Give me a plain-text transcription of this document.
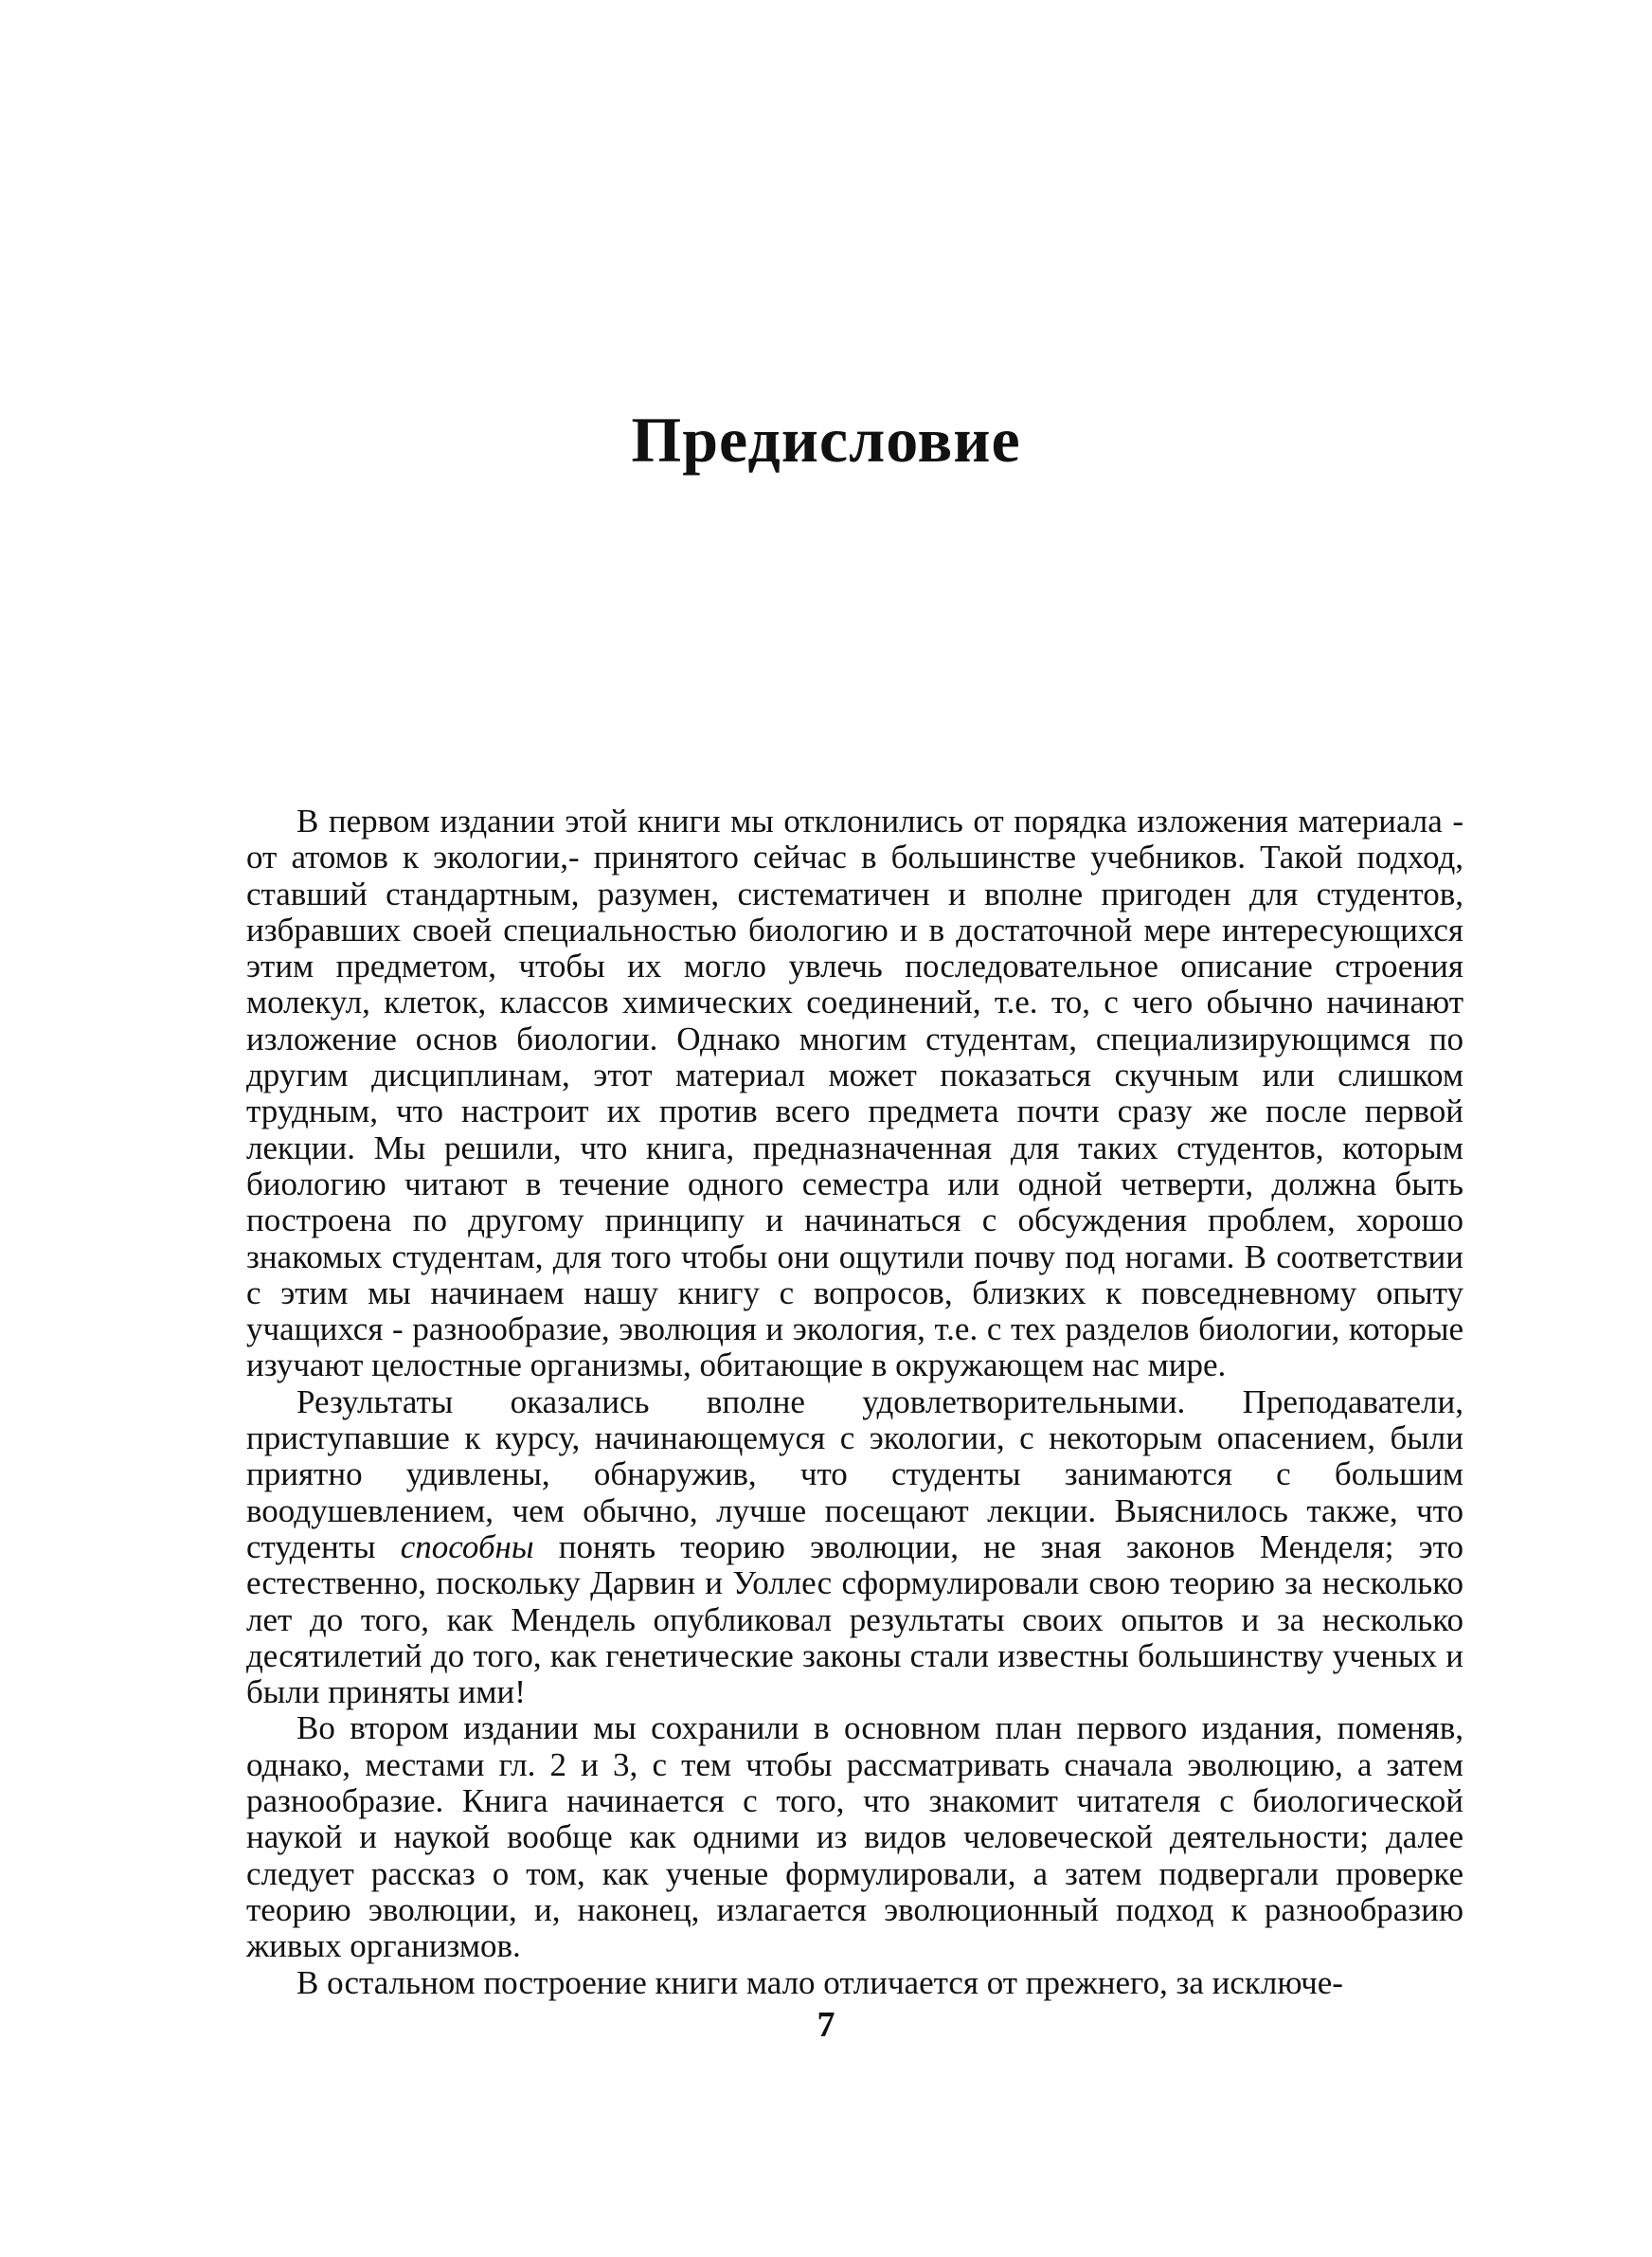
Предисловие

В первом издании этой книги мы отклонились от порядка изложения материала - от атомов к экологии,- принятого сейчас в большинстве учебников. Такой подход, ставший стандартным, разумен, систематичен и вполне пригоден для студентов, избравших своей специальностью биологию и в достаточной мере интересующихся этим предметом, чтобы их могло увлечь последовательное описание строения молекул, клеток, классов химических соединений, т.е. то, с чего обычно начинают изложение основ биологии. Однако многим студентам, специализирующимся по другим дисциплинам, этот материал может показаться скучным или слишком трудным, что настроит их против всего предмета почти сразу же после первой лекции. Мы решили, что книга, предназначенная для таких студентов, которым биологию читают в течение одного семестра или одной четверти, должна быть построена по другому принципу и начинаться с обсуждения проблем, хорошо знакомых студентам, для того чтобы они ощутили почву под ногами. В соответствии с этим мы начинаем нашу книгу с вопросов, близких к повседневному опыту учащихся - разнообразие, эволюция и экология, т.е. с тех разделов биологии, которые изучают целостные организмы, обитающие в окружающем нас мире.

Результаты оказались вполне удовлетворительными. Преподаватели, приступавшие к курсу, начинающемуся с экологии, с некоторым опасением, были приятно удивлены, обнаружив, что студенты занимаются с большим воодушевлением, чем обычно, лучше посещают лекции. Выяснилось также, что студенты способны понять теорию эволюции, не зная законов Менделя; это естественно, поскольку Дарвин и Уоллес сформулировали свою теорию за несколько лет до того, как Мендель опубликовал результаты своих опытов и за несколько десятилетий до того, как генетические законы стали известны большинству ученых и были приняты ими!

Во втором издании мы сохранили в основном план первого издания, поменяв, однако, местами гл. 2 и 3, с тем чтобы рассматривать сначала эволюцию, а затем разнообразие. Книга начинается с того, что знакомит читателя с биологической наукой и наукой вообще как одними из видов человеческой деятельности; далее следует рассказ о том, как ученые формулировали, а затем подвергали проверке теорию эволюции, и, наконец, излагается эволюционный подход к разнообразию живых организмов.

В остальном построение книги мало отличается от прежнего, за исключе-

7
